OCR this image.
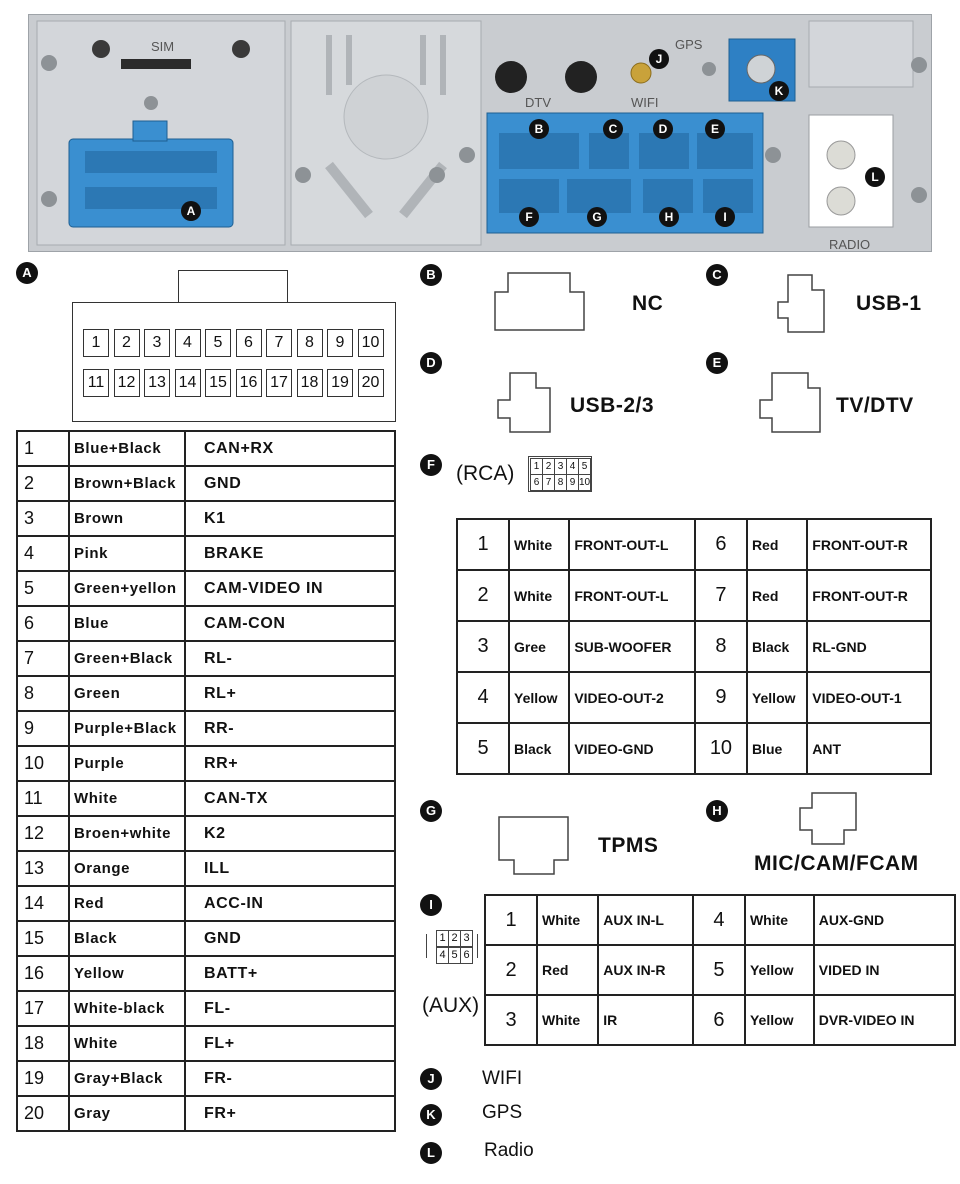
SIM	GPS
DTV	WIFI
RADIO
A
B	C	D	E
F	G	H	I
J
K
L
A
1	2	3	4	5	6	7	8	9	10
11 12 13 14 15 16 17 18 19 20
1	Blue+Black	CAN+RX
2	Brown+Black	GND
3	Brown	K1
4	Pink	BRAKE
5	Green+yellon	CAM-VIDEO IN
6	Blue	CAM-CON
7	Green+Black	RL-
8	Green	RL+
9	Purple+Black	RR-
10	Purple	RR+
11	White	CAN-TX
12	Broen+white	K2
13	Orange	ILL
14	Red	ACC-IN
15	Black	GND
16	Yellow	BATT+
17	White-black	FL-
18	White	FL+
19	Gray+Black	FR-
20	Gray	FR+
B
NC
C
USB-1
D
USB-2/3
E
TV/DTV
F	(RCA)	1
6
2
7
3
8
4
9
5
10
1	White	FRONT-OUT-L	6	Red	FRONT-OUT-R
2	White	FRONT-OUT-L	7	Red	FRONT-OUT-R
3	Gree	SUB-WOOFER	8	Black	RL-GND
4	Yellow	VIDEO-OUT-2	9	Yellow	VIDEO-OUT-1
5	Black	VIDEO-GND	10	Blue	ANT
G
TPMS
H
MIC/CAM/FCAM
I
1
4
2
5
3
6
(AUX)
1	White	AUX IN-L	4	White	AUX-GND
2	Red	AUX IN-R	5	Yellow	VIDED IN
3	White	IR	6	Yellow	DVR-VIDEO IN
J	WIFI
K	GPS
L	Radio
